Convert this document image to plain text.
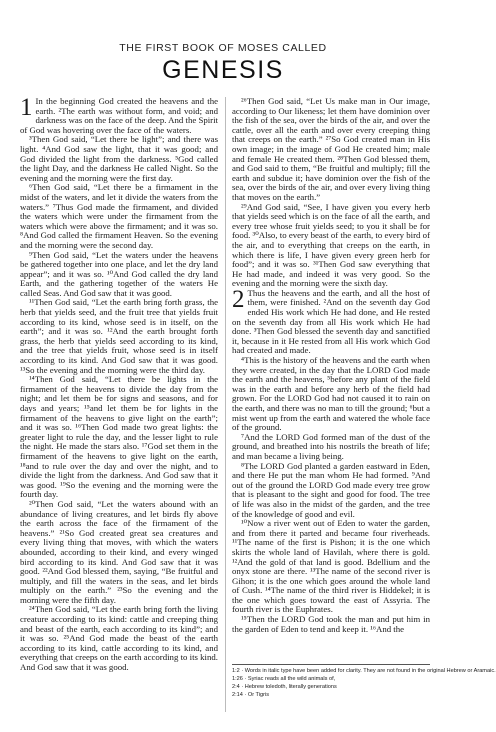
THE FIRST BOOK OF MOSES CALLED
GENESIS

1 In the beginning God created the heavens and the earth. ²The earth was without form, and void; and darkness was on the face of the deep. And the Spirit of God was hovering over the face of the waters.

³Then God said, “Let there be light”; and there was light. ⁴And God saw the light, that it was good; and God divided the light from the darkness. ⁵God called the light Day, and the darkness He called Night. So the evening and the morning were the first day.

⁶Then God said, “Let there be a firmament in the midst of the waters, and let it divide the waters from the waters.” ⁷Thus God made the firmament, and divided the waters which were under the firmament from the waters which were above the firmament; and it was so. ⁸And God called the firmament Heaven. So the evening and the morning were the second day.

⁹Then God said, “Let the waters under the heavens be gathered together into one place, and let the dry land appear”; and it was so. ¹⁰And God called the dry land Earth, and the gathering together of the waters He called Seas. And God saw that it was good.

¹¹Then God said, “Let the earth bring forth grass, the herb that yields seed, and the fruit tree that yields fruit according to its kind, whose seed is in itself, on the earth”; and it was so. ¹²And the earth brought forth grass, the herb that yields seed according to its kind, and the tree that yields fruit, whose seed is in itself according to its kind. And God saw that it was good. ¹³So the evening and the morning were the third day.

¹⁴Then God said, “Let there be lights in the firmament of the heavens to divide the day from the night; and let them be for signs and seasons, and for days and years; ¹⁵and let them be for lights in the firmament of the heavens to give light on the earth”; and it was so. ¹⁶Then God made two great lights: the greater light to rule the day, and the lesser light to rule the night. He made the stars also. ¹⁷God set them in the firmament of the heavens to give light on the earth, ¹⁸and to rule over the day and over the night, and to divide the light from the darkness. And God saw that it was good. ¹⁹So the evening and the morning were the fourth day.

²⁰Then God said, “Let the waters abound with an abundance of living creatures, and let birds fly above the earth across the face of the firmament of the heavens.” ²¹So God created great sea creatures and every living thing that moves, with which the waters abounded, according to their kind, and every winged bird according to its kind. And God saw that it was good. ²²And God blessed them, saying, “Be fruitful and multiply, and fill the waters in the seas, and let birds multiply on the earth.” ²³So the evening and the morning were the fifth day.

²⁴Then God said, “Let the earth bring forth the living creature according to its kind: cattle and creeping thing and beast of the earth, each according to its kind”; and it was so. ²⁵And God made the beast of the earth according to its kind, cattle according to its kind, and everything that creeps on the earth according to its kind. And God saw that it was good.

²⁶Then God said, “Let Us make man in Our image, according to Our likeness; let them have dominion over the fish of the sea, over the birds of the air, and over the cattle, over all the earth and over every creeping thing that creeps on the earth.” ²⁷So God created man in His own image; in the image of God He created him; male and female He created them. ²⁸Then God blessed them, and God said to them, “Be fruitful and multiply; fill the earth and subdue it; have dominion over the fish of the sea, over the birds of the air, and over every living thing that moves on the earth.”

²⁹And God said, “See, I have given you every herb that yields seed which is on the face of all the earth, and every tree whose fruit yields seed; to you it shall be for food. ³⁰Also, to every beast of the earth, to every bird of the air, and to everything that creeps on the earth, in which there is life, I have given every green herb for food”; and it was so. ³¹Then God saw everything that He had made, and indeed it was very good. So the evening and the morning were the sixth day.

2 Thus the heavens and the earth, and all the host of them, were finished. ²And on the seventh day God ended His work which He had done, and He rested on the seventh day from all His work which He had done. ³Then God blessed the seventh day and sanctified it, because in it He rested from all His work which God had created and made.

⁴This is the history of the heavens and the earth when they were created, in the day that the LORD God made the earth and the heavens, ⁵before any plant of the field was in the earth and before any herb of the field had grown. For the LORD God had not caused it to rain on the earth, and there was no man to till the ground; ⁶but a mist went up from the earth and watered the whole face of the ground.

⁷And the LORD God formed man of the dust of the ground, and breathed into his nostrils the breath of life; and man became a living being.

⁸The LORD God planted a garden eastward in Eden, and there He put the man whom He had formed. ⁹And out of the ground the LORD God made every tree grow that is pleasant to the sight and good for food. The tree of life was also in the midst of the garden, and the tree of the knowledge of good and evil.

¹⁰Now a river went out of Eden to water the garden, and from there it parted and became four riverheads. ¹¹The name of the first is Pishon; it is the one which skirts the whole land of Havilah, where there is gold. ¹²And the gold of that land is good. Bdellium and the onyx stone are there. ¹³The name of the second river is Gihon; it is the one which goes around the whole land of Cush. ¹⁴The name of the third river is Hiddekel; it is the one which goes toward the east of Assyria. The fourth river is the Euphrates.

¹⁵Then the LORD God took the man and put him in the garden of Eden to tend and keep it. ¹⁶And the

1:2 · Words in italic type have been added for clarity. They are not found in the original Hebrew or Aramaic.
1:26 · Syriac reads all the wild animals of,
2:4 · Hebrew toledoth, literally generations
2:14 · Or Tigris
